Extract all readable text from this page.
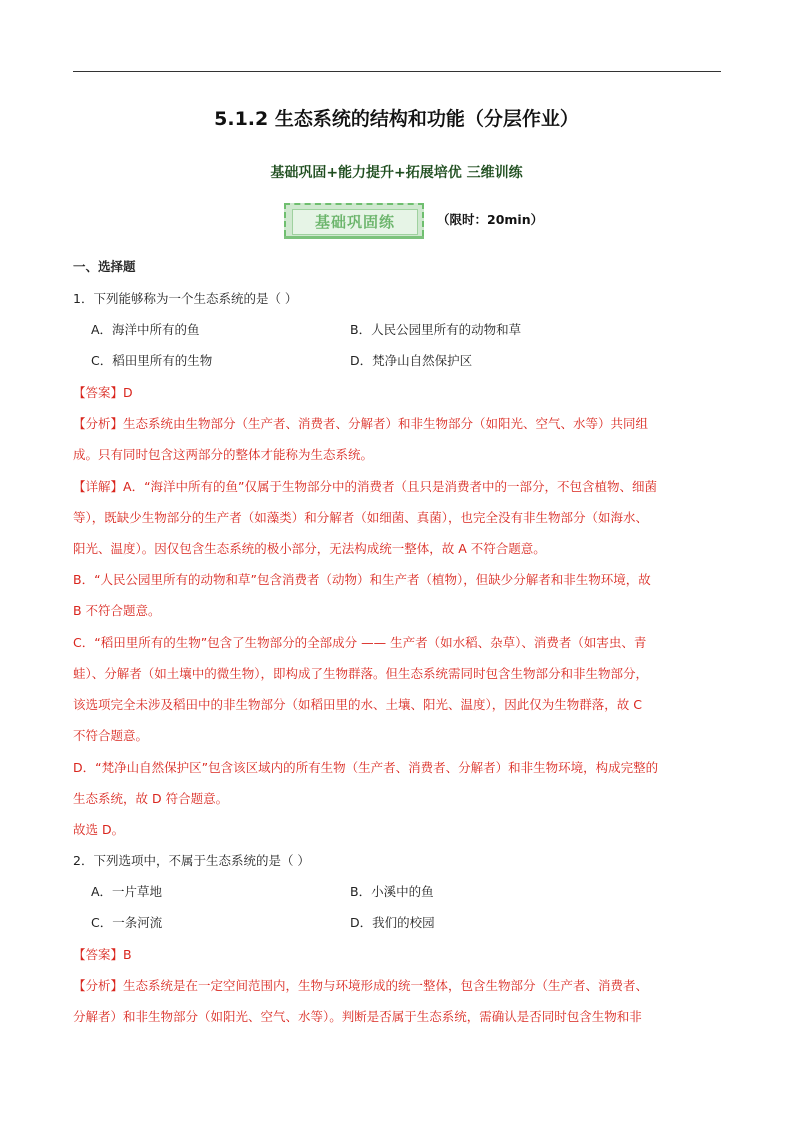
5.1.2 生态系统的结构和功能（分层作业）
基础巩固+能力提升+拓展培优 三维训练
基础巩固练	（限时：20min）
一、选择题
1．下列能够称为一个生态系统的是（ ）
A．海洋中所有的鱼	B．人民公园里所有的动物和草
C．稻田里所有的生物	D．梵净山自然保护区
【答案】D
【分析】生态系统由生物部分（生产者、消费者、分解者）和非生物部分（如阳光、空气、水等）共同组
成。只有同时包含这两部分的整体才能称为生态系统。
【详解】A．“海洋中所有的鱼”仅属于生物部分中的消费者（且只是消费者中的一部分，不包含植物、细菌
等），既缺少生物部分的生产者（如藻类）和分解者（如细菌、真菌），也完全没有非生物部分（如海水、
阳光、温度）。因仅包含生态系统的极小部分，无法构成统一整体，故 A 不符合题意。
B．“人民公园里所有的动物和草”包含消费者（动物）和生产者（植物），但缺少分解者和非生物环境，故
B 不符合题意。
C．“稻田里所有的生物”包含了生物部分的全部成分 —— 生产者（如水稻、杂草）、消费者（如害虫、青
蛙）、分解者（如土壤中的微生物），即构成了生物群落。但生态系统需同时包含生物部分和非生物部分，
该选项完全未涉及稻田中的非生物部分（如稻田里的水、土壤、阳光、温度），因此仅为生物群落，故 C
不符合题意。
D．“梵净山自然保护区”包含该区域内的所有生物（生产者、消费者、分解者）和非生物环境，构成完整的
生态系统，故 D 符合题意。
故选 D。
2．下列选项中，不属于生态系统的是（ ）
A．一片草地	B．小溪中的鱼
C．一条河流	D．我们的校园
【答案】B
【分析】生态系统是在一定空间范围内，生物与环境形成的统一整体，包含生物部分（生产者、消费者、
分解者）和非生物部分（如阳光、空气、水等）。判断是否属于生态系统，需确认是否同时包含生物和非
